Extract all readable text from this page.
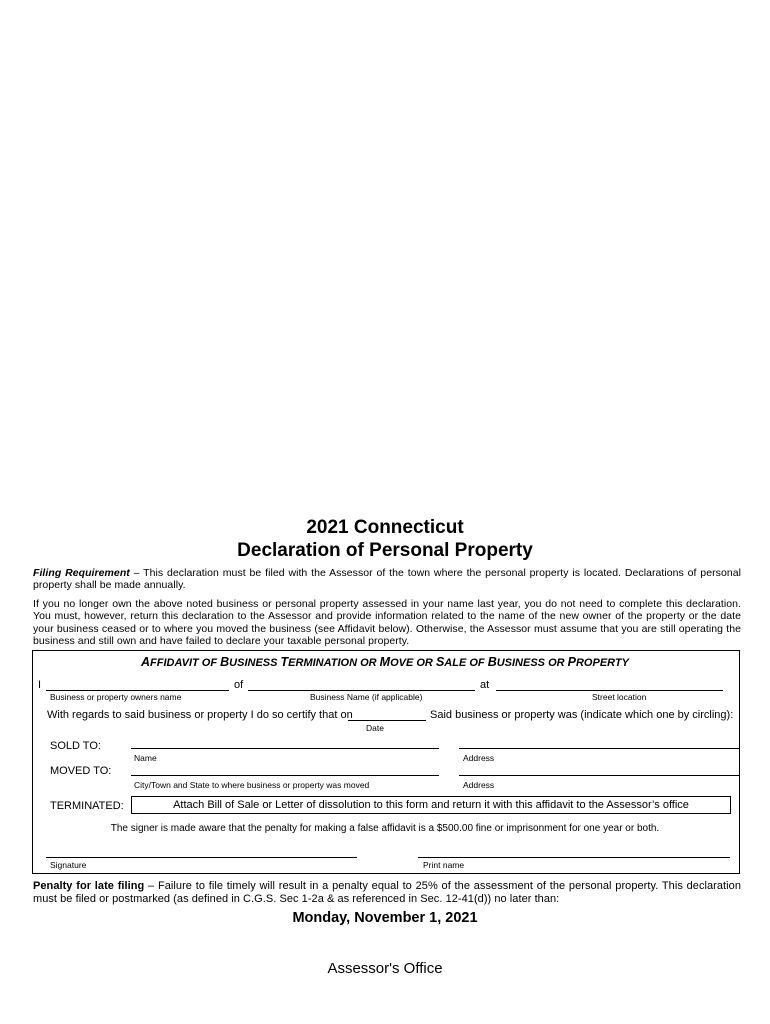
2021 Connecticut
Declaration of Personal Property
Filing Requirement – This declaration must be filed with the Assessor of the town where the personal property is located. Declarations of personal property shall be made annually.
If you no longer own the above noted business or personal property assessed in your name last year, you do not need to complete this declaration. You must, however, return this declaration to the Assessor and provide information related to the name of the new owner of the property or the date your business ceased or to where you moved the business (see Affidavit below). Otherwise, the Assessor must assume that you are still operating the business and still own and have failed to declare your taxable personal property.
AFFIDAVIT OF BUSINESS TERMINATION OR MOVE OR SALE OF BUSINESS OR PROPERTY
I	of	at
Business or property owners name	Business Name (if applicable)	Street location
With regards to said business or property I do so certify that on	Said business or property was (indicate which one by circling):
Date
SOLD TO:
Name	Address
MOVED TO:
City/Town and State to where business or property was moved	Address
TERMINATED:	Attach Bill of Sale or Letter of dissolution to this form and return it with this affidavit to the Assessor’s office
The signer is made aware that the penalty for making a false affidavit is a $500.00 fine or imprisonment for one year or both.
Signature	Print name
Penalty for late filing – Failure to file timely will result in a penalty equal to 25% of the assessment of the personal property. This declaration must be filed or postmarked (as defined in C.G.S. Sec 1-2a & as referenced in Sec. 12-41(d)) no later than:
Monday, November 1, 2021
Assessor's Office
